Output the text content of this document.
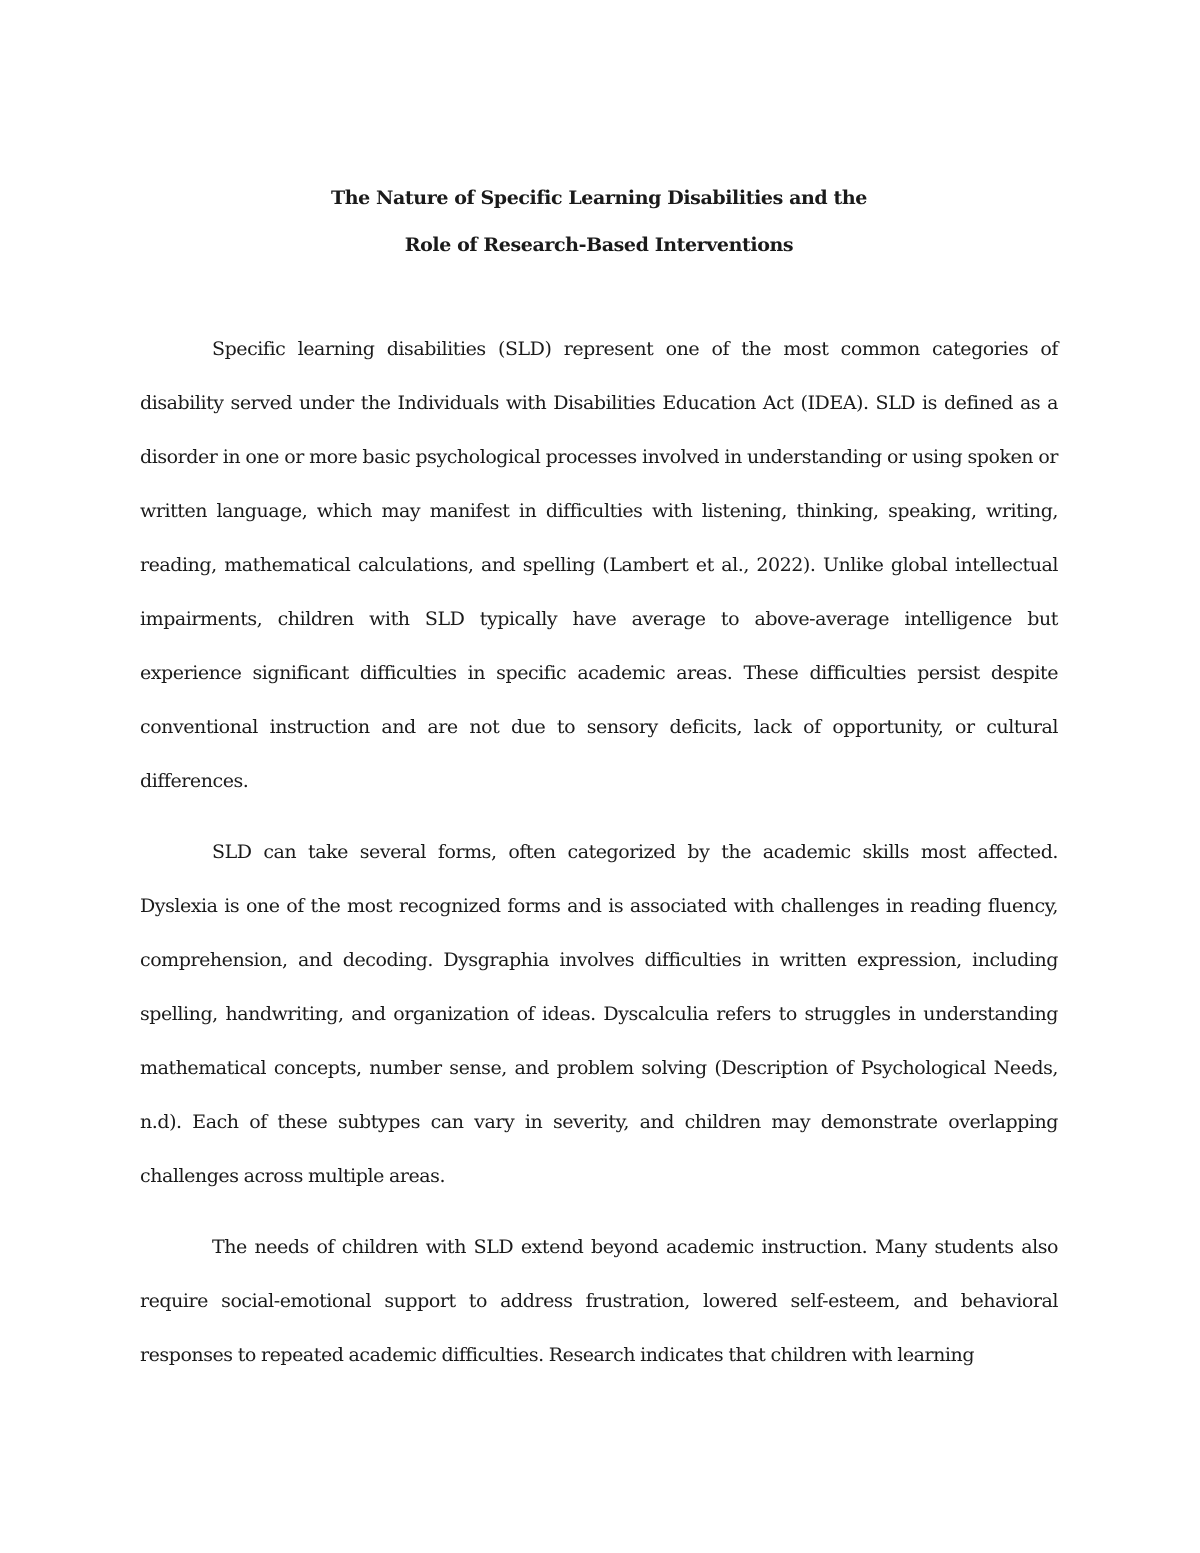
The Nature of Specific Learning Disabilities and the
Role of Research-Based Interventions

Specific learning disabilities (SLD) represent one of the most common categories of disability served under the Individuals with Disabilities Education Act (IDEA). SLD is defined as a disorder in one or more basic psychological processes involved in understanding or using spoken or written language, which may manifest in difficulties with listening, thinking, speaking, writing, reading, mathematical calculations, and spelling (Lambert et al., 2022). Unlike global intellectual impairments, children with SLD typically have average to above-average intelligence but experience significant difficulties in specific academic areas. These difficulties persist despite conventional instruction and are not due to sensory deficits, lack of opportunity, or cultural differences.

SLD can take several forms, often categorized by the academic skills most affected. Dyslexia is one of the most recognized forms and is associated with challenges in reading fluency, comprehension, and decoding. Dysgraphia involves difficulties in written expression, including spelling, handwriting, and organization of ideas. Dyscalculia refers to struggles in understanding mathematical concepts, number sense, and problem solving (Description of Psychological Needs, n.d). Each of these subtypes can vary in severity, and children may demonstrate overlapping challenges across multiple areas.

The needs of children with SLD extend beyond academic instruction. Many students also require social-emotional support to address frustration, lowered self-esteem, and behavioral responses to repeated academic difficulties. Research indicates that children with learning
